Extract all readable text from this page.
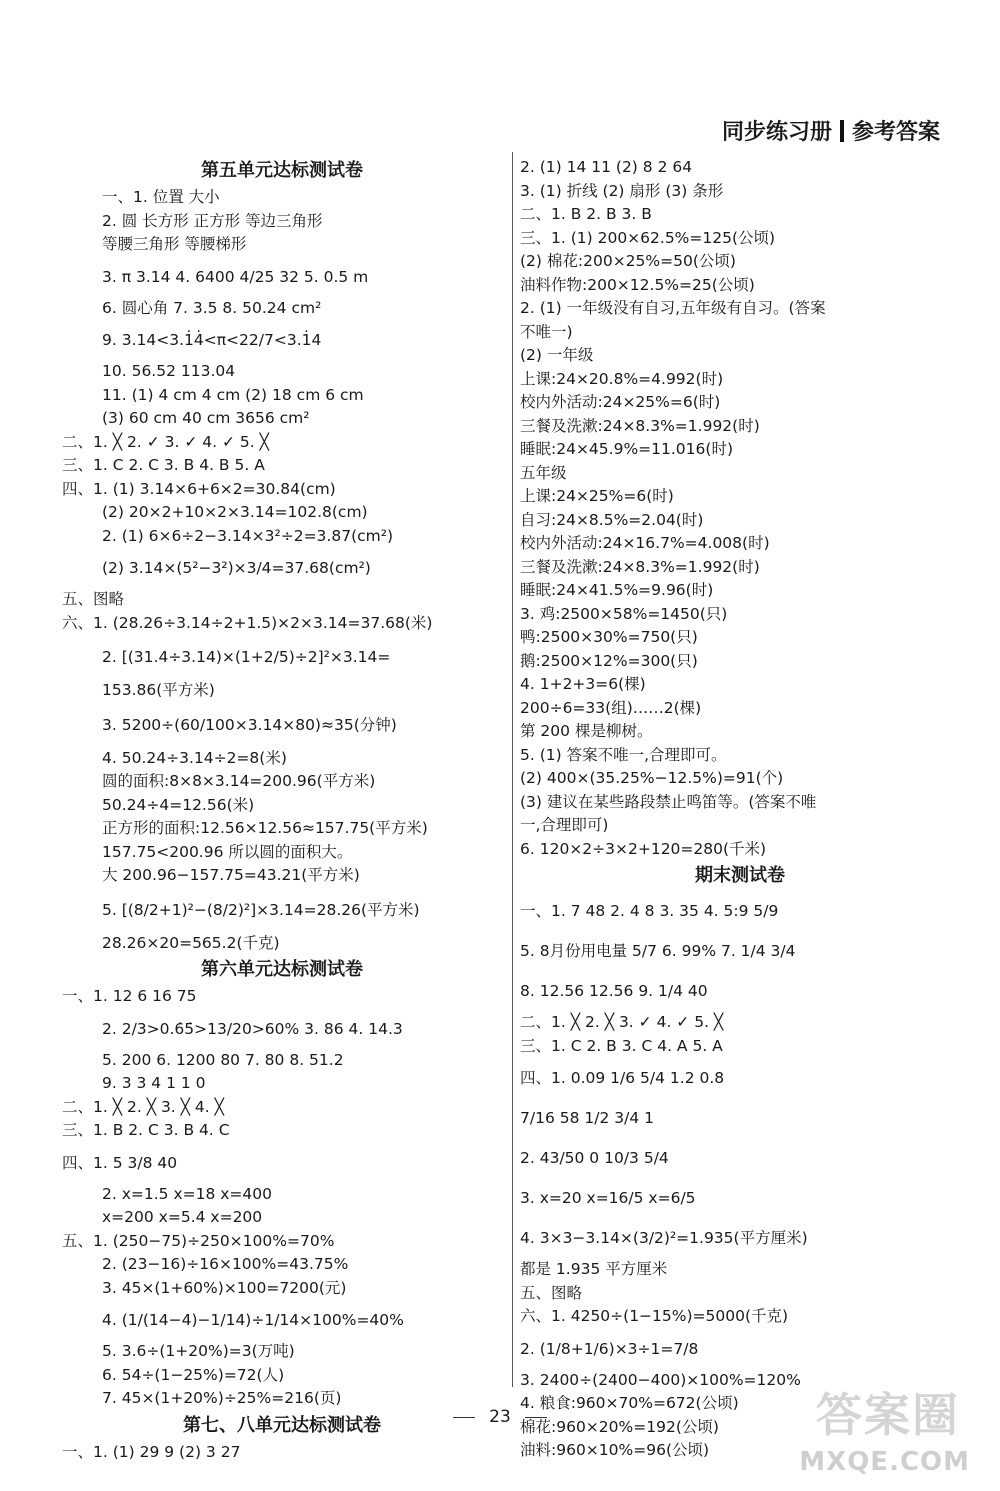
同步练习册 参考答案
第五单元达标测试卷
一、1. 位置 大小
2. 圆 长方形 正方形 等边三角形
等腰三角形 等腰梯形
3. π 3.14 4. 6400 4/25 32 5. 0.5 m
6. 圆心角 7. 3.5 8. 50.24 cm²
9. 3.14<3.1̇4̇<π<22/7<3.1̇4
10. 56.52 113.04
11. (1) 4 cm 4 cm (2) 18 cm 6 cm
(3) 60 cm 40 cm 3656 cm²
二、1. ╳ 2. ✓ 3. ✓ 4. ✓ 5. ╳
三、1. C 2. C 3. B 4. B 5. A
四、1. (1) 3.14×6+6×2=30.84(cm)
(2) 20×2+10×2×3.14=102.8(cm)
2. (1) 6×6÷2−3.14×3²÷2=3.87(cm²)
(2) 3.14×(5²−3²)×3/4=37.68(cm²)
五、图略
六、1. (28.26÷3.14÷2+1.5)×2×3.14=37.68(米)
2. [(31.4÷3.14)×(1+2/5)÷2]²×3.14=
153.86(平方米)
3. 5200÷(60/100×3.14×80)≈35(分钟)
4. 50.24÷3.14÷2=8(米)
圆的面积:8×8×3.14=200.96(平方米)
50.24÷4=12.56(米)
正方形的面积:12.56×12.56≈157.75(平方米)
157.75<200.96 所以圆的面积大。
大 200.96−157.75=43.21(平方米)
5. [(8/2+1)²−(8/2)²]×3.14=28.26(平方米)
28.26×20=565.2(千克)
第六单元达标测试卷
一、1. 12 6 16 75
2. 2/3>0.6̇5̇>13/20>60% 3. 86 4. 14.3
5. 200 6. 1200 80 7. 80 8. 51.2
9. 3 3 4 1 1 0
二、1. ╳ 2. ╳ 3. ╳ 4. ╳
三、1. B 2. C 3. B 4. C
四、1. 5 3/8 40
2. x=1.5 x=18 x=400
x=200 x=5.4 x=200
五、1. (250−75)÷250×100%=70%
2. (23−16)÷16×100%=43.75%
3. 45×(1+60%)×100=7200(元)
4. (1/(14−4)−1/14)÷1/14×100%=40%
5. 3.6÷(1+20%)=3(万吨)
6. 54÷(1−25%)=72(人)
7. 45×(1+20%)÷25%=216(页)
第七、八单元达标测试卷
一、1. (1) 29 9 (2) 3 27
2. (1) 14 11 (2) 8 2 64
3. (1) 折线 (2) 扇形 (3) 条形
二、1. B 2. B 3. B
三、1. (1) 200×62.5%=125(公顷)
(2) 棉花:200×25%=50(公顷)
油料作物:200×12.5%=25(公顷)
2. (1) 一年级没有自习,五年级有自习。(答案
不唯一)
(2) 一年级
上课:24×20.8%=4.992(时)
校内外活动:24×25%=6(时)
三餐及洗漱:24×8.3%=1.992(时)
睡眠:24×45.9%=11.016(时)
五年级
上课:24×25%=6(时)
自习:24×8.5%=2.04(时)
校内外活动:24×16.7%=4.008(时)
三餐及洗漱:24×8.3%=1.992(时)
睡眠:24×41.5%=9.96(时)
3. 鸡:2500×58%=1450(只)
鸭:2500×30%=750(只)
鹅:2500×12%=300(只)
4. 1+2+3=6(棵)
200÷6=33(组)……2(棵)
第 200 棵是柳树。
5. (1) 答案不唯一,合理即可。
(2) 400×(35.25%−12.5%)=91(个)
(3) 建议在某些路段禁止鸣笛等。(答案不唯
一,合理即可)
6. 120×2÷3×2+120=280(千米)
期末测试卷
一、1. 7 48 2. 4 8 3. 35 4. 5:9 5/9
5. 8月份用电量 5/7 6. 99% 7. 1/4 3/4
8. 12.56 12.56 9. 1/4 40
二、1. ╳ 2. ╳ 3. ✓ 4. ✓ 5. ╳
三、1. C 2. B 3. C 4. A 5. A
四、1. 0.09 1/6 5/4 1.2 0.8
7/16 58 1/2 3/4 1
2. 43/50 0 10/3 5/4
3. x=20 x=16/5 x=6/5
4. 3×3−3.14×(3/2)²=1.935(平方厘米)
都是 1.935 平方厘米
五、图略
六、1. 4250÷(1−15%)=5000(千克)
2. (1/8+1/6)×3÷1=7/8
3. 2400÷(2400−400)×100%=120%
4. 粮食:960×70%=672(公顷)
棉花:960×20%=192(公顷)
油料:960×10%=96(公顷)
23	答案圈
MXQE.COM
